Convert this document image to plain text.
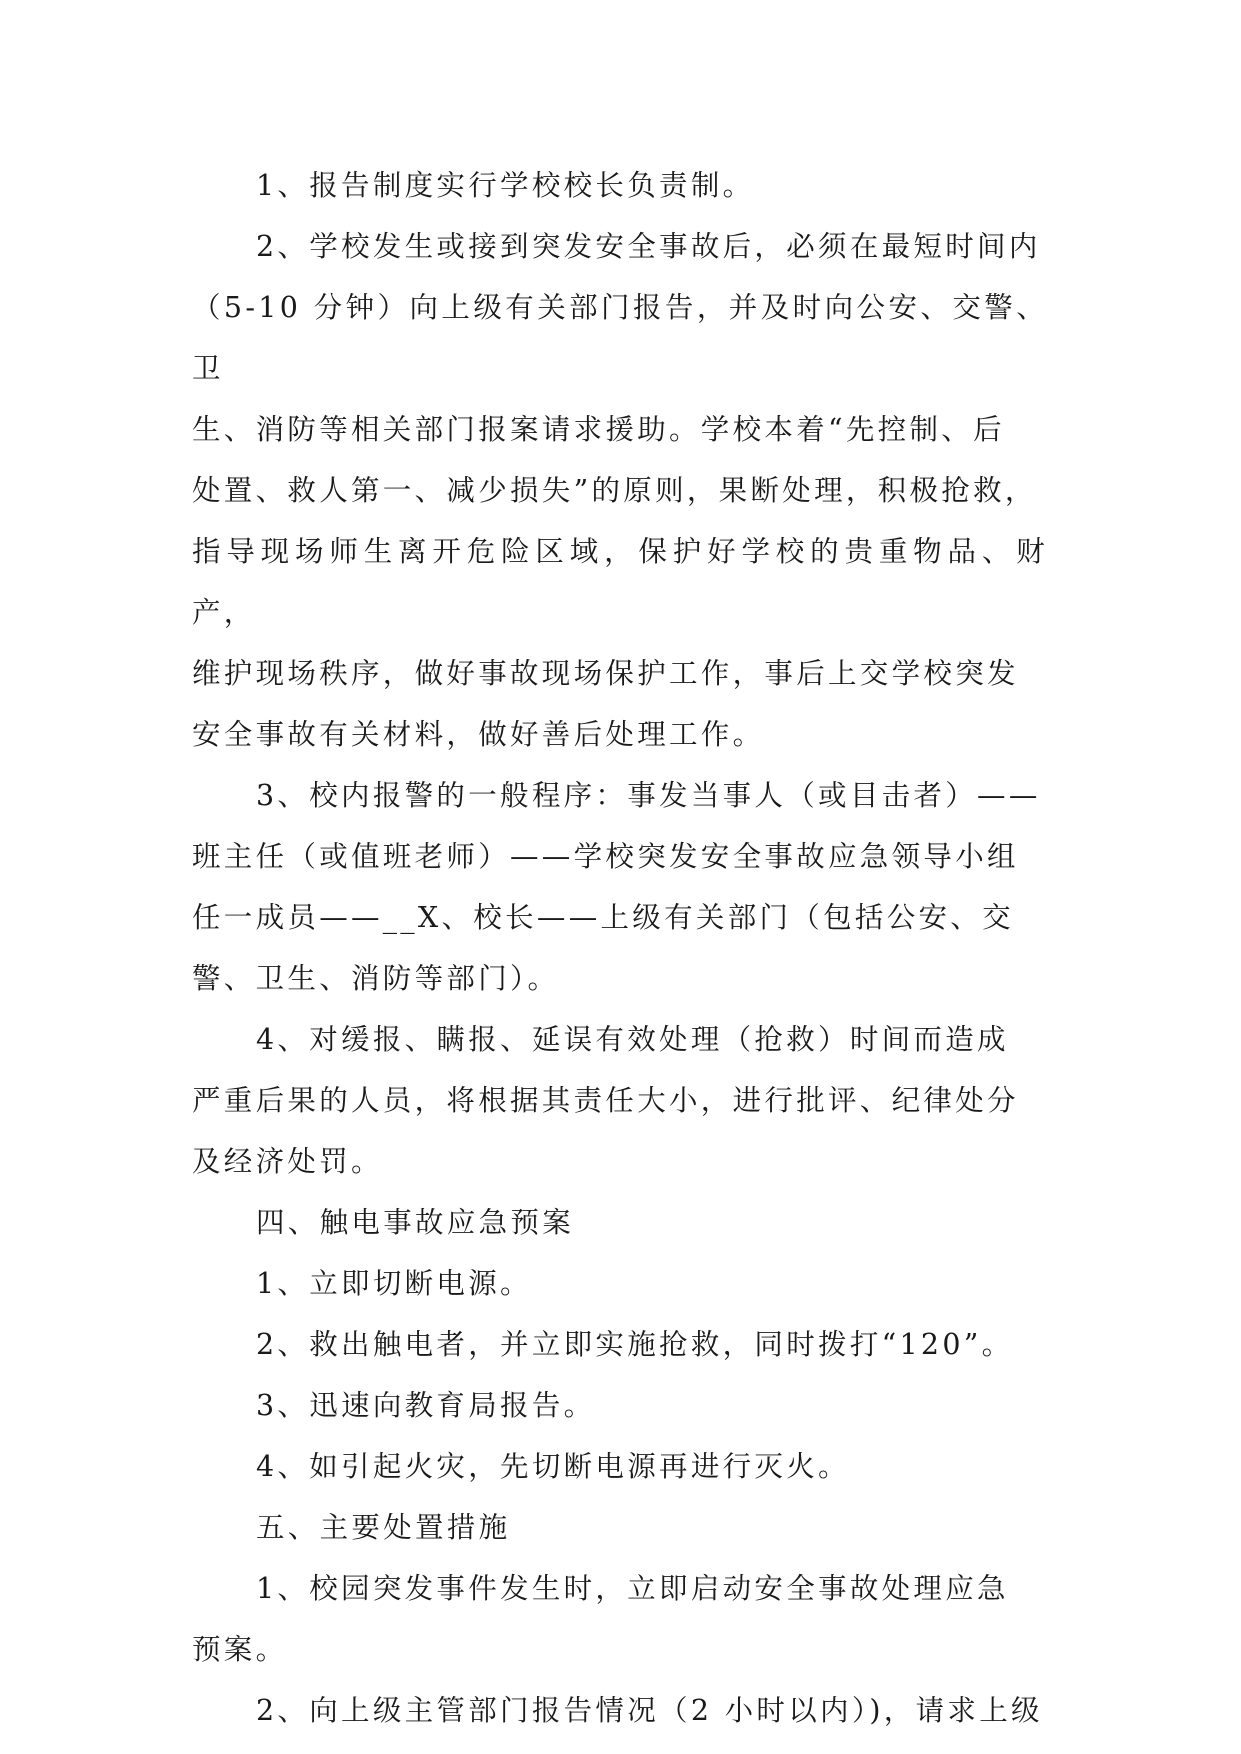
1、报告制度实行学校校长负责制。

2、学校发生或接到突发安全事故后，必须在最短时间内
（5-10 分钟）向上级有关部门报告，并及时向公安、交警、卫
生、消防等相关部门报案请求援助。学校本着“先控制、后
处置、救人第一、减少损失”的原则，果断处理，积极抢救，
指导现场师生离开危险区域，保护好学校的贵重物品、财产，
维护现场秩序，做好事故现场保护工作，事后上交学校突发
安全事故有关材料，做好善后处理工作。

3、校内报警的一般程序：事发当事人（或目击者）——
班主任（或值班老师）——学校突发安全事故应急领导小组
任一成员——__X、校长——上级有关部门（包括公安、交
警、卫生、消防等部门）。

4、对缓报、瞒报、延误有效处理（抢救）时间而造成
严重后果的人员，将根据其责任大小，进行批评、纪律处分
及经济处罚。

四、触电事故应急预案

1、立即切断电源。

2、救出触电者，并立即实施抢救，同时拨打“120”。

3、迅速向教育局报告。

4、如引起火灾，先切断电源再进行灭火。

五、主要处置措施

1、校园突发事件发生时，立即启动安全事故处理应急
预案。

2、向上级主管部门报告情况（2 小时以内）)，请求上级
